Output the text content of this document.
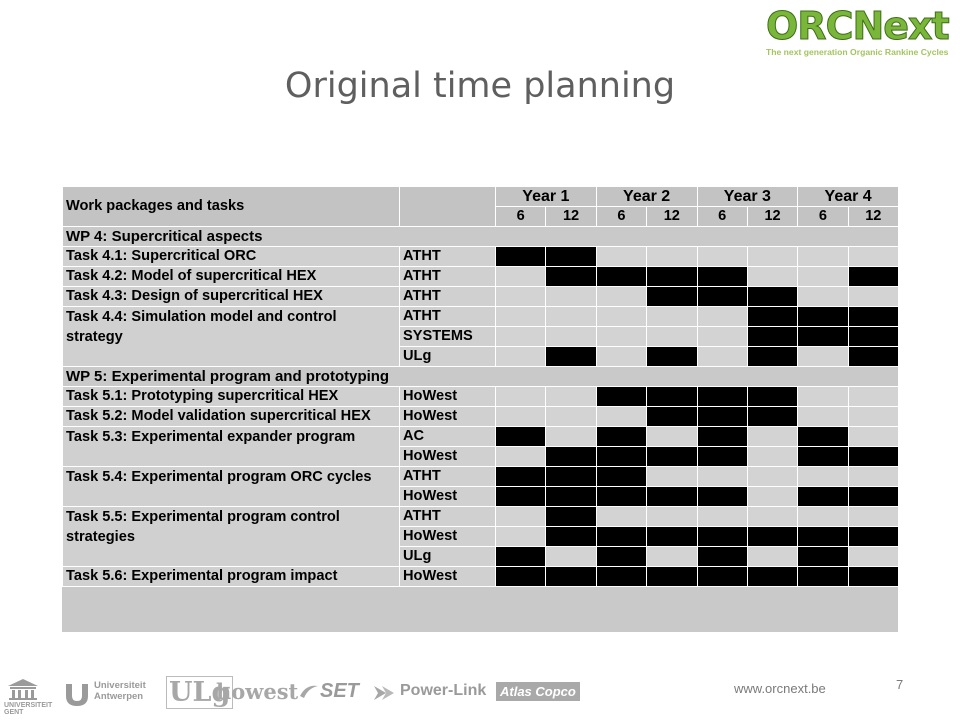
ORCNext
The next generation Organic Rankine Cycles
Original time planning
Work packages and tasks		Year 1		Year 2		Year 3		Year 4	
		6	12	6	12	6	12	6	12
WP 4: Supercritical aspects									
Task 4.1: Supercritical ORC	ATHT								
Task 4.2: Model of supercritical HEX	ATHT								
Task 4.3: Design of supercritical HEX	ATHT								
Task 4.4: Simulation model and control strategy	ATHT								
	SYSTEMS								
	ULg								
WP 5: Experimental program and prototyping									
Task 5.1: Prototyping supercritical HEX	HoWest								
Task 5.2: Model validation supercritical HEX	HoWest								
Task 5.3: Experimental expander program	AC								
	HoWest								
Task 5.4: Experimental program ORC cycles	ATHT								
	HoWest								
Task 5.5: Experimental program control strategies	ATHT								
	HoWest								
	ULg								
Task 5.6: Experimental program impact	HoWest								
UNIVERSITEIT GENT
Universiteit Antwerpen ULg
howest SET	Power-Link	Atlas Copco	www.orcnext.be	7
